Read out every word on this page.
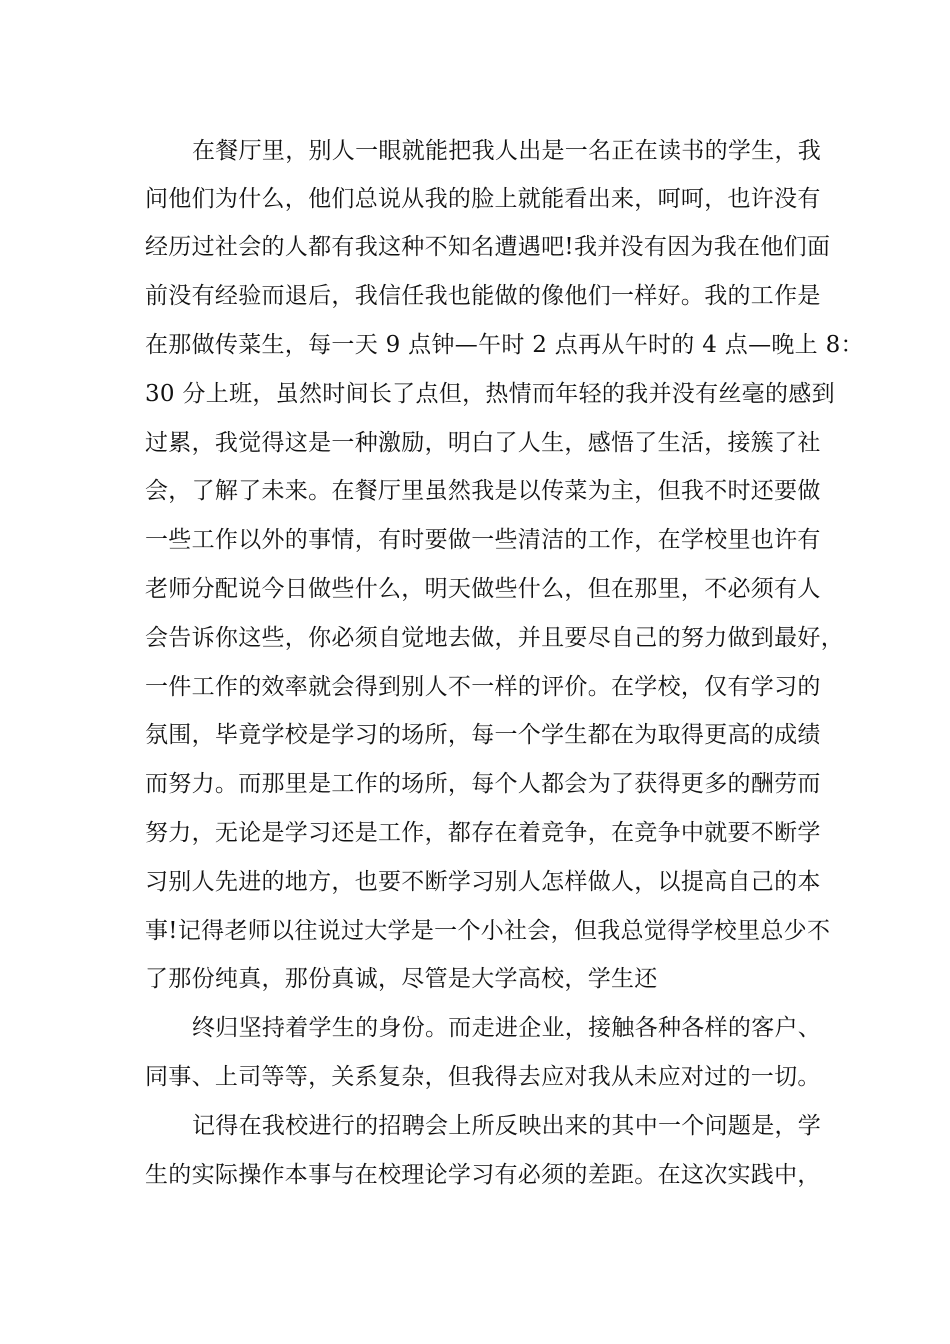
在餐厅里，别人一眼就能把我人出是一名正在读书的学生，我
问他们为什么，他们总说从我的脸上就能看出来，呵呵，也许没有
经历过社会的人都有我这种不知名遭遇吧!我并没有因为我在他们面
前没有经验而退后，我信任我也能做的像他们一样好。我的工作是
在那做传菜生，每一天 9 点钟—午时 2 点再从午时的 4 点—晚上 8：
30 分上班，虽然时间长了点但，热情而年轻的我并没有丝毫的感到
过累，我觉得这是一种激励，明白了人生，感悟了生活，接簇了社
会，了解了未来。在餐厅里虽然我是以传菜为主，但我不时还要做
一些工作以外的事情，有时要做一些清洁的工作，在学校里也许有
老师分配说今日做些什么，明天做些什么，但在那里，不必须有人
会告诉你这些，你必须自觉地去做，并且要尽自己的努力做到最好，
一件工作的效率就会得到别人不一样的评价。在学校，仅有学习的
氛围，毕竟学校是学习的场所，每一个学生都在为取得更高的成绩
而努力。而那里是工作的场所，每个人都会为了获得更多的酬劳而
努力，无论是学习还是工作，都存在着竞争，在竞争中就要不断学
习别人先进的地方，也要不断学习别人怎样做人，以提高自己的本
事!记得老师以往说过大学是一个小社会，但我总觉得学校里总少不
了那份纯真，那份真诚，尽管是大学高校，学生还
终归坚持着学生的身份。而走进企业，接触各种各样的客户、
同事、上司等等，关系复杂，但我得去应对我从未应对过的一切。
记得在我校进行的招聘会上所反映出来的其中一个问题是，学
生的实际操作本事与在校理论学习有必须的差距。在这次实践中，
